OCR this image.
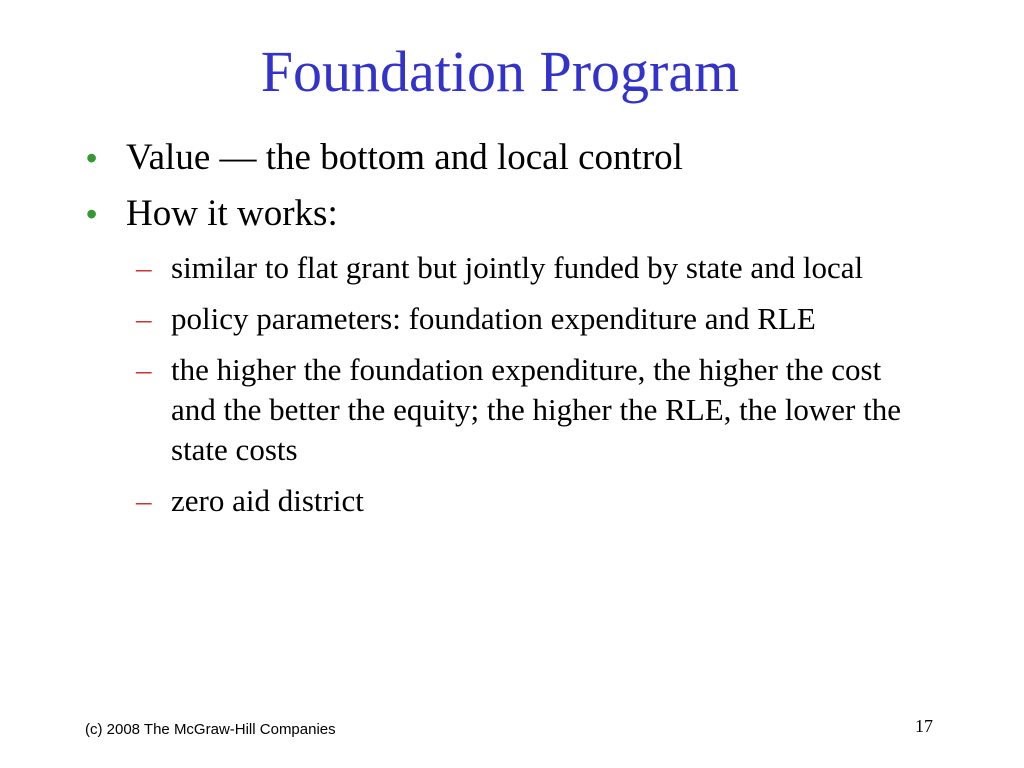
Foundation Program
• Value — the bottom and local control
• How it works:
– similar to flat grant but jointly funded by state and local
– policy parameters: foundation expenditure and RLE
– the higher the foundation expenditure, the higher the cost and the better the equity; the higher the RLE, the lower the state costs
– zero aid district
(c) 2008 The McGraw-Hill Companies	17
